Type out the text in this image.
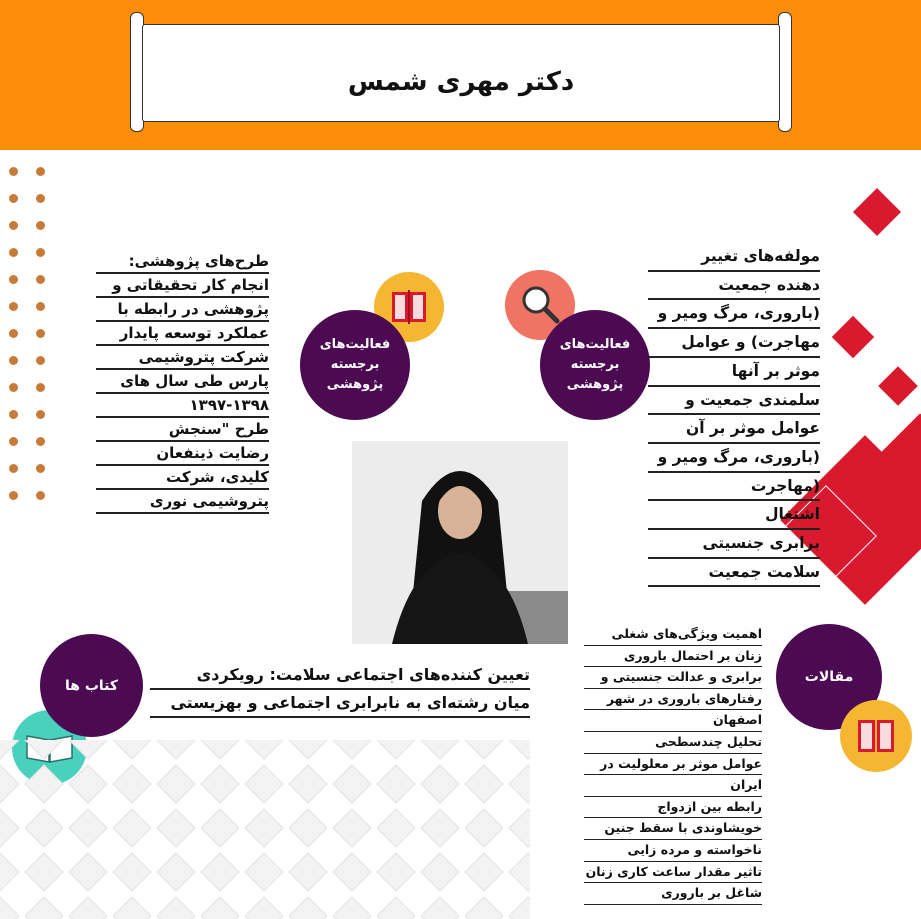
دکتر مهری شمس
فعالیت‌های برجسته پژوهشی
طرح‌های پژوهشی:
انجام کار تحقیقاتی و
پژوهشی در رابطه با
عملکرد توسعه پایدار
شرکت پتروشیمی
پارس طی سال های
۱۳۹۷-۱۳۹۸
طرح "سنجش
رضایت ذینفعان
کلیدی، شرکت
پتروشیمی نوری
فعالیت‌های برجسته پژوهشی
مولفه‌های تغییر
دهنده جمعیت
(باروری، مرگ ومیر و
مهاجرت) و عوامل
موثر بر آنها
سلمندی جمعیت و
عوامل موثر بر آن
(باروری، مرگ ومیر و
(مهاجرت
اشتغال
برابری جنسیتی
سلامت جمعیت
کتاب ها
تعیین کننده‌های اجتماعی سلامت: رویکردی
میان رشته‌ای به نابرابری اجتماعی و بهزیستی
مقالات
اهمیت ویژگی‌های شغلی
زنان بر احتمال باروری
برابری و عدالت جنسیتی و
رفتارهای باروری در شهر
اصفهان
تحلیل چندسطحی
عوامل موثر بر معلولیت در
ایران
رابطه بین ازدواج
خویشاوندی با سقط جنین
ناخواسته و مرده زایی
تاثیر مقدار ساعت کاری زنان
شاغل بر باروری
